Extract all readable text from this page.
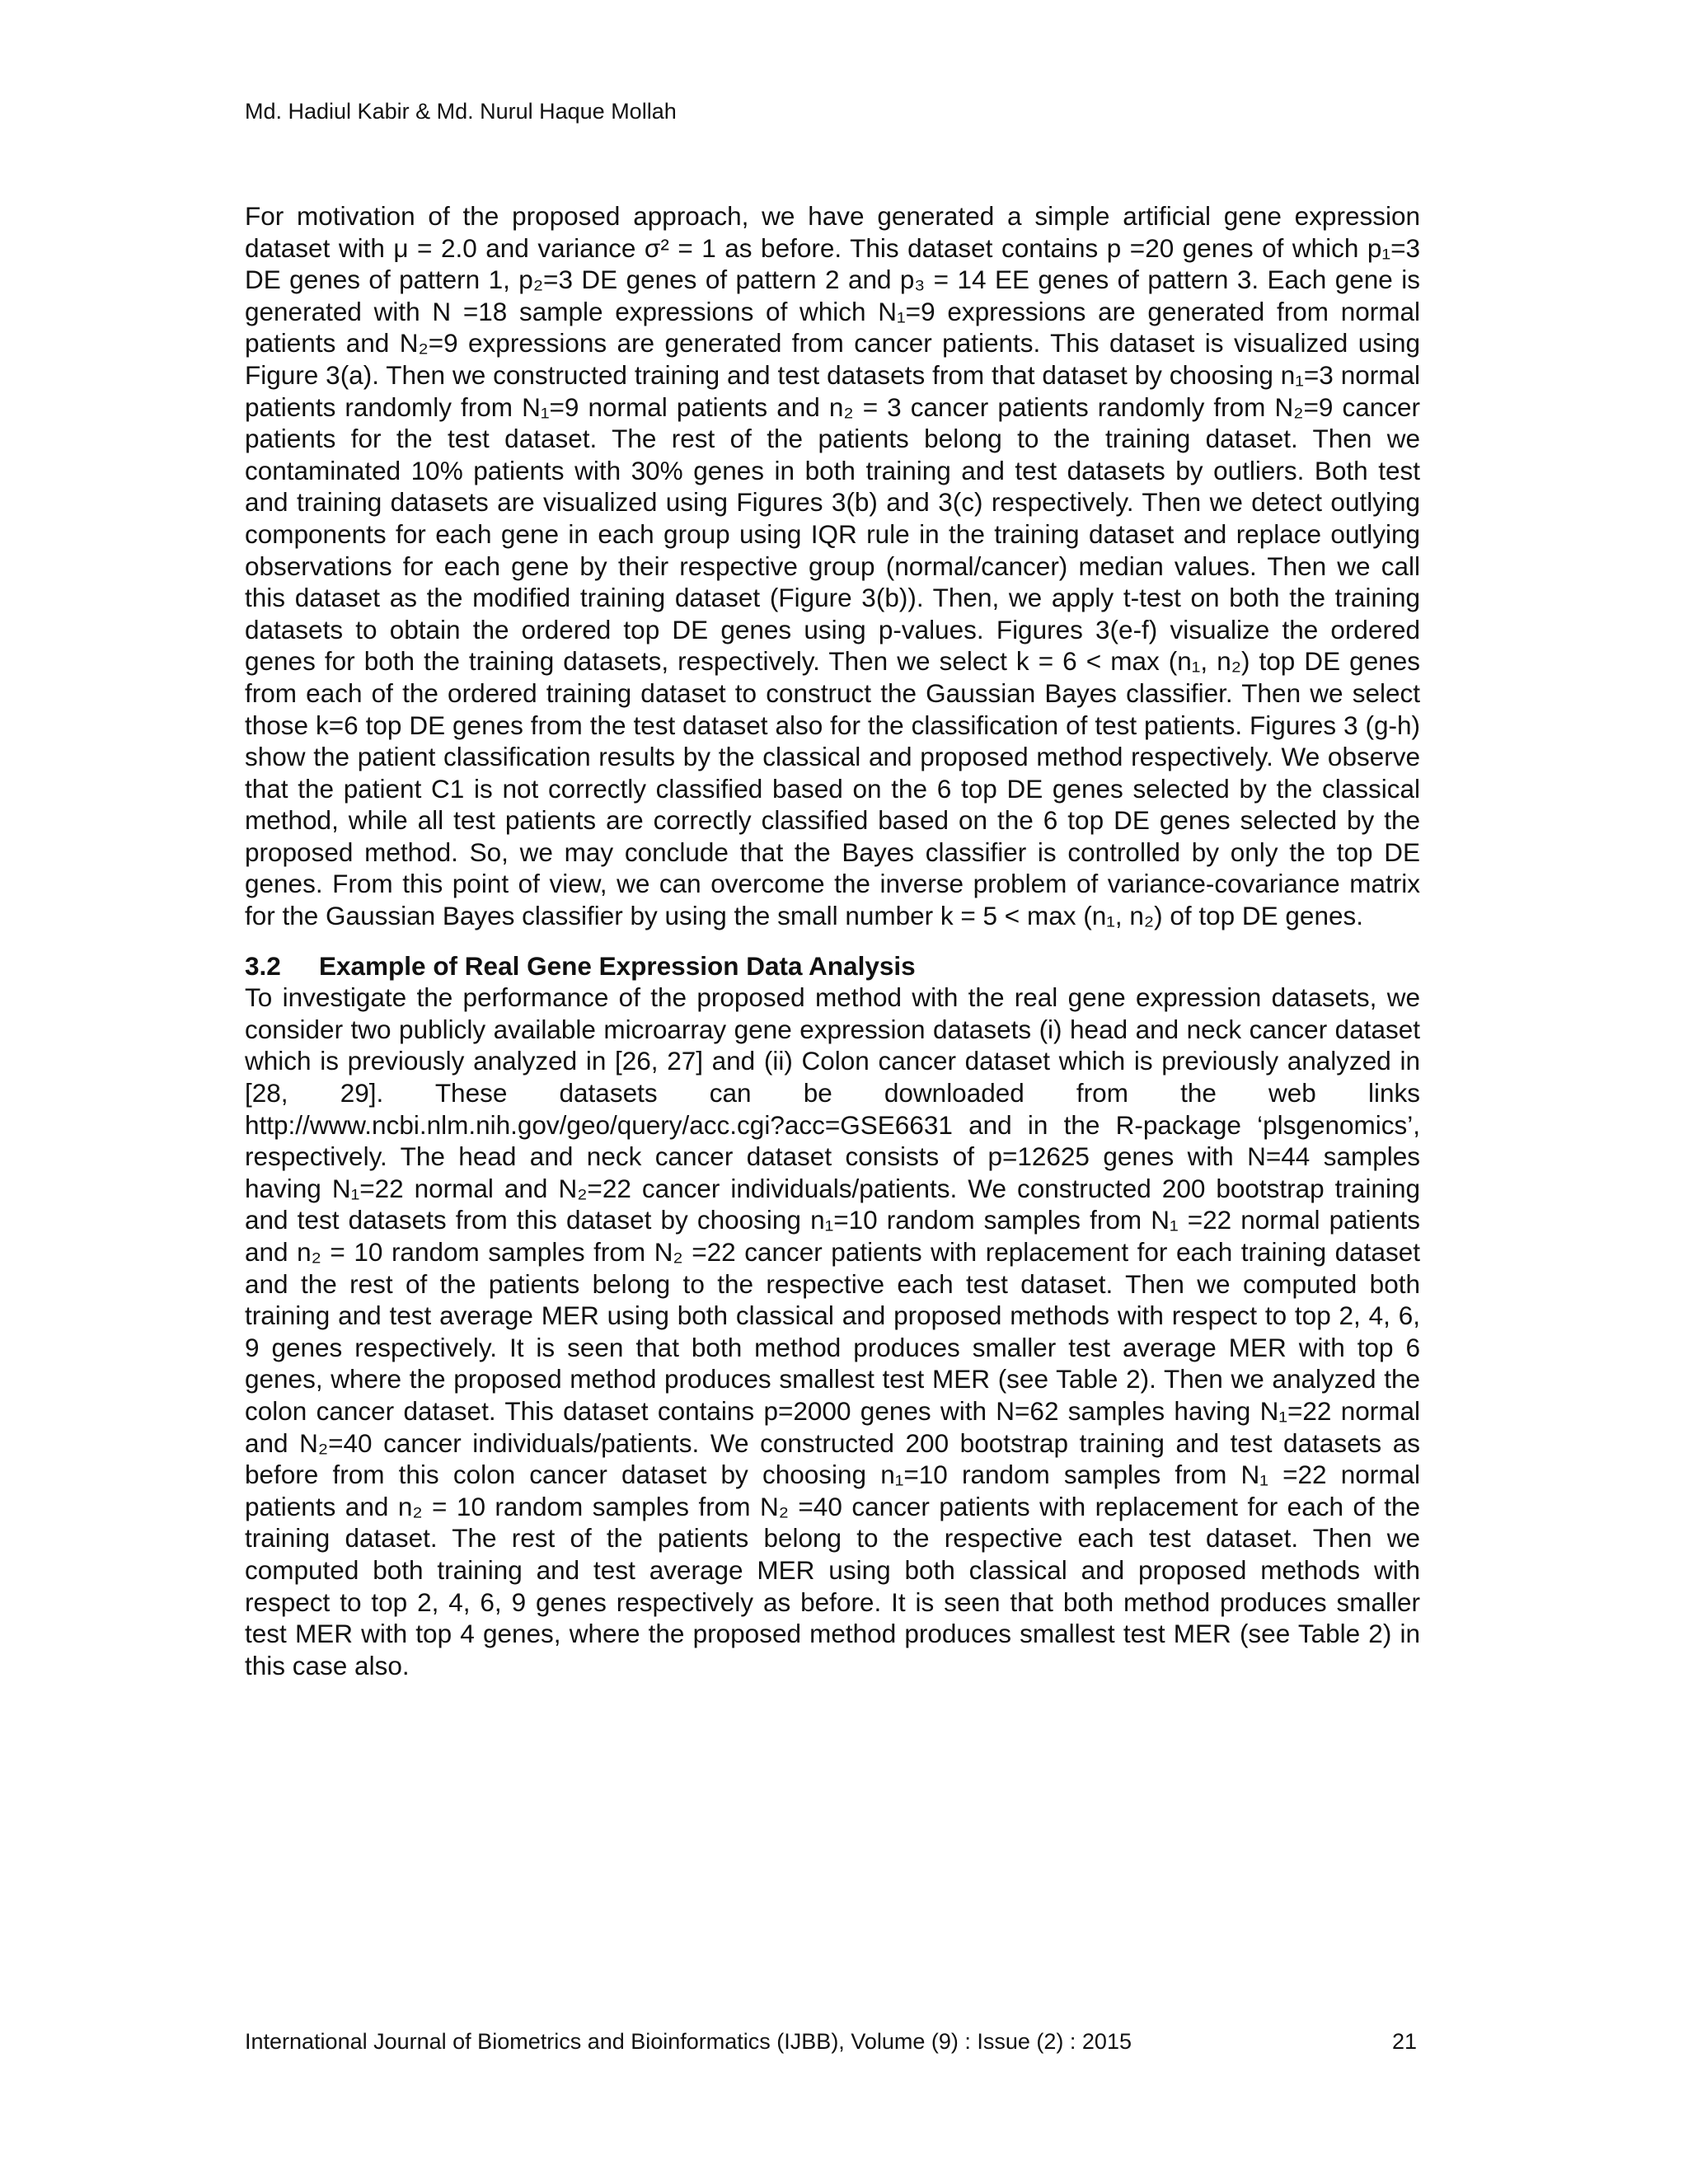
Md. Hadiul Kabir & Md. Nurul Haque Mollah

For motivation of the proposed approach, we have generated a simple artificial gene expression dataset with μ = 2.0 and variance σ² = 1 as before. This dataset contains p =20 genes of which p₁=3 DE genes of pattern 1, p₂=3 DE genes of pattern 2 and p₃ = 14 EE genes of pattern 3. Each gene is generated with N =18 sample expressions of which N₁=9 expressions are generated from normal patients and N₂=9 expressions are generated from cancer patients. This dataset is visualized using Figure 3(a). Then we constructed training and test datasets from that dataset by choosing n₁=3 normal patients randomly from N₁=9 normal patients and n₂ = 3 cancer patients randomly from N₂=9 cancer patients for the test dataset. The rest of the patients belong to the training dataset. Then we contaminated 10% patients with 30% genes in both training and test datasets by outliers. Both test and training datasets are visualized using Figures 3(b) and 3(c) respectively. Then we detect outlying components for each gene in each group using IQR rule in the training dataset and replace outlying observations for each gene by their respective group (normal/cancer) median values. Then we call this dataset as the modified training dataset (Figure 3(b)). Then, we apply t-test on both the training datasets to obtain the ordered top DE genes using p-values. Figures 3(e-f) visualize the ordered genes for both the training datasets, respectively. Then we select k = 6 < max (n₁, n₂) top DE genes from each of the ordered training dataset to construct the Gaussian Bayes classifier. Then we select those k=6 top DE genes from the test dataset also for the classification of test patients. Figures 3 (g-h) show the patient classification results by the classical and proposed method respectively. We observe that the patient C1 is not correctly classified based on the 6 top DE genes selected by the classical method, while all test patients are correctly classified based on the 6 top DE genes selected by the proposed method. So, we may conclude that the Bayes classifier is controlled by only the top DE genes. From this point of view, we can overcome the inverse problem of variance-covariance matrix for the Gaussian Bayes classifier by using the small number k = 5 < max (n₁, n₂) of top DE genes.

3.2 Example of Real Gene Expression Data Analysis

To investigate the performance of the proposed method with the real gene expression datasets, we consider two publicly available microarray gene expression datasets (i) head and neck cancer dataset which is previously analyzed in [26, 27] and (ii) Colon cancer dataset which is previously analyzed in [28, 29]. These datasets can be downloaded from the web links http://www.ncbi.nlm.nih.gov/geo/query/acc.cgi?acc=GSE6631 and in the R-package ‘plsgenomics’, respectively. The head and neck cancer dataset consists of p=12625 genes with N=44 samples having N₁=22 normal and N₂=22 cancer individuals/patients. We constructed 200 bootstrap training and test datasets from this dataset by choosing n₁=10 random samples from N₁ =22 normal patients and n₂ = 10 random samples from N₂ =22 cancer patients with replacement for each training dataset and the rest of the patients belong to the respective each test dataset. Then we computed both training and test average MER using both classical and proposed methods with respect to top 2, 4, 6, 9 genes respectively. It is seen that both method produces smaller test average MER with top 6 genes, where the proposed method produces smallest test MER (see Table 2). Then we analyzed the colon cancer dataset. This dataset contains p=2000 genes with N=62 samples having N₁=22 normal and N₂=40 cancer individuals/patients. We constructed 200 bootstrap training and test datasets as before from this colon cancer dataset by choosing n₁=10 random samples from N₁ =22 normal patients and n₂ = 10 random samples from N₂ =40 cancer patients with replacement for each of the training dataset. The rest of the patients belong to the respective each test dataset. Then we computed both training and test average MER using both classical and proposed methods with respect to top 2, 4, 6, 9 genes respectively as before. It is seen that both method produces smaller test MER with top 4 genes, where the proposed method produces smallest test MER (see Table 2) in this case also.

International Journal of Biometrics and Bioinformatics (IJBB), Volume (9) : Issue (2) : 2015	21
